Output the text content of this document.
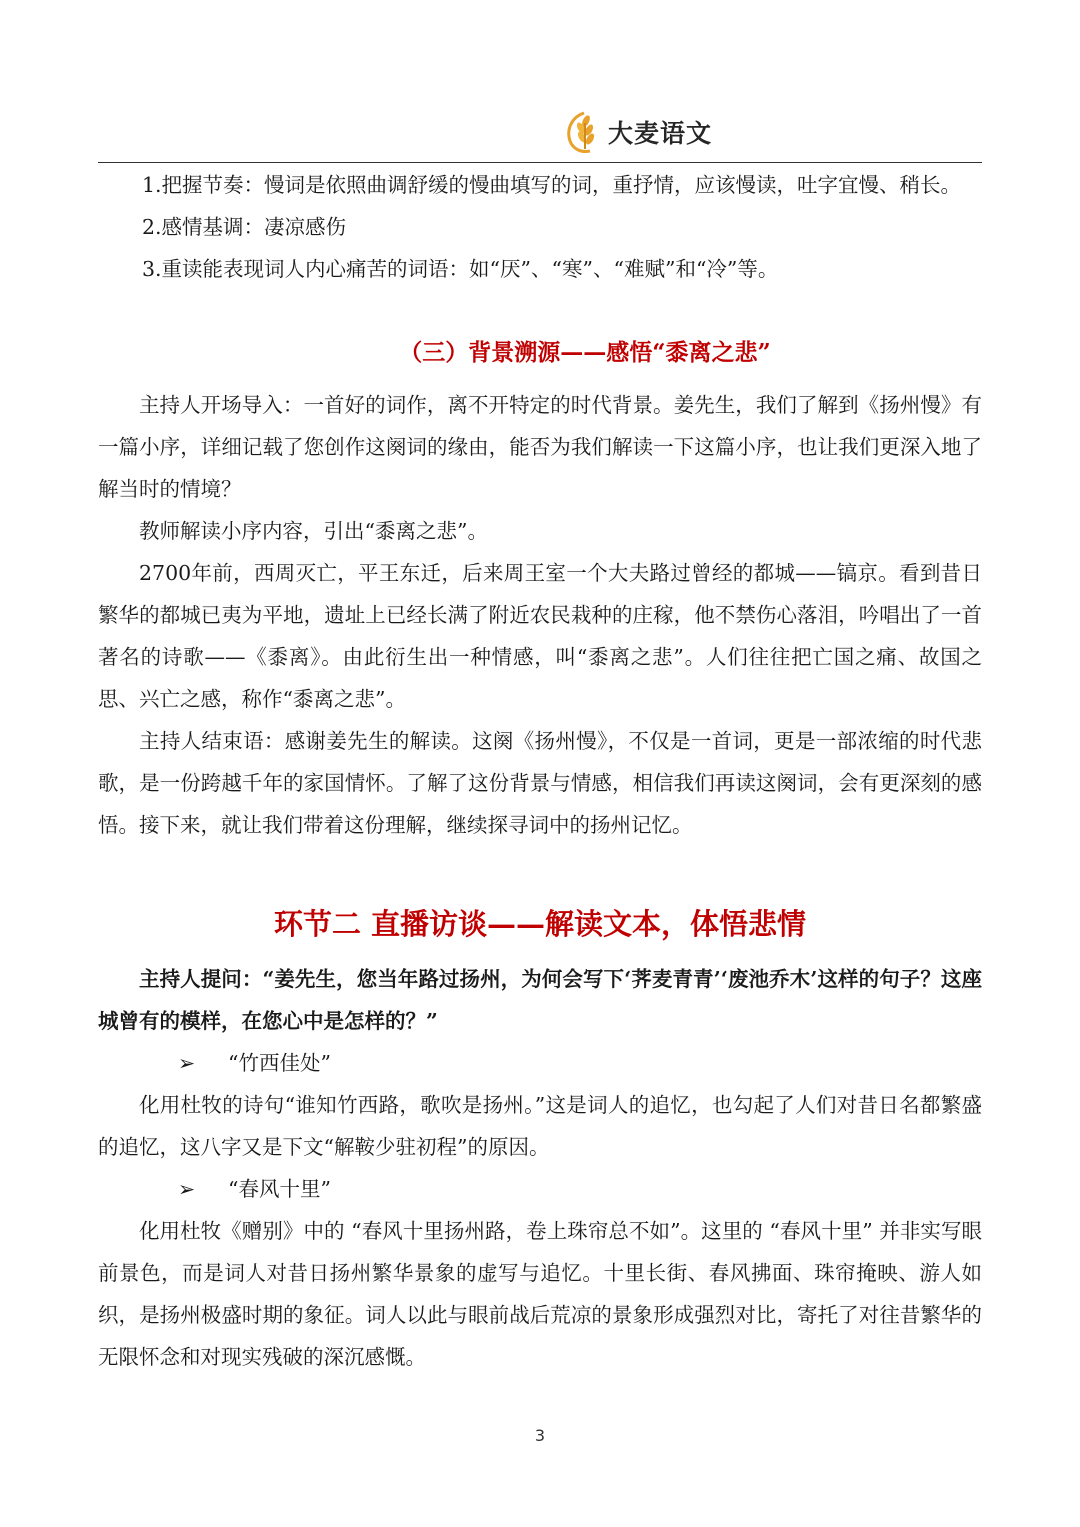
大麦语文

1.把握节奏：慢词是依照曲调舒缓的慢曲填写的词，重抒情，应该慢读，吐字宜慢、稍长。

2.感情基调：凄凉感伤

3.重读能表现词人内心痛苦的词语：如“厌”、“寒”、“难赋”和“冷”等。

（三）背景溯源——感悟“黍离之悲”

主持人开场导入：一首好的词作，离不开特定的时代背景。姜先生，我们了解到《扬州慢》有一篇小序，详细记载了您创作这阕词的缘由，能否为我们解读一下这篇小序，也让我们更深入地了解当时的情境？

教师解读小序内容，引出“黍离之悲”。

2700年前，西周灭亡，平王东迁，后来周王室一个大夫路过曾经的都城——镐京。看到昔日繁华的都城已夷为平地，遗址上已经长满了附近农民栽种的庄稼，他不禁伤心落泪，吟唱出了一首著名的诗歌——《黍离》。由此衍生出一种情感，叫“黍离之悲”。人们往往把亡国之痛、故国之思、兴亡之感，称作“黍离之悲”。

主持人结束语：感谢姜先生的解读。这阕《扬州慢》，不仅是一首词，更是一部浓缩的时代悲歌，是一份跨越千年的家国情怀。了解了这份背景与情感，相信我们再读这阕词，会有更深刻的感悟。接下来，就让我们带着这份理解，继续探寻词中的扬州记忆。

环节二 直播访谈——解读文本，体悟悲情

主持人提问：“姜先生，您当年路过扬州，为何会写下‘荠麦青青’‘废池乔木’这样的句子？这座城曾有的模样，在您心中是怎样的？”

➢ “竹西佳处”

化用杜牧的诗句“谁知竹西路，歌吹是扬州。”这是词人的追忆，也勾起了人们对昔日名都繁盛的追忆，这八字又是下文“解鞍少驻初程”的原因。

➢ “春风十里”

化用杜牧《赠别》中的 “春风十里扬州路，卷上珠帘总不如”。这里的 “春风十里” 并非实写眼前景色，而是词人对昔日扬州繁华景象的虚写与追忆。十里长街、春风拂面、珠帘掩映、游人如织，是扬州极盛时期的象征。词人以此与眼前战后荒凉的景象形成强烈对比，寄托了对往昔繁华的无限怀念和对现实残破的深沉感慨。

3
